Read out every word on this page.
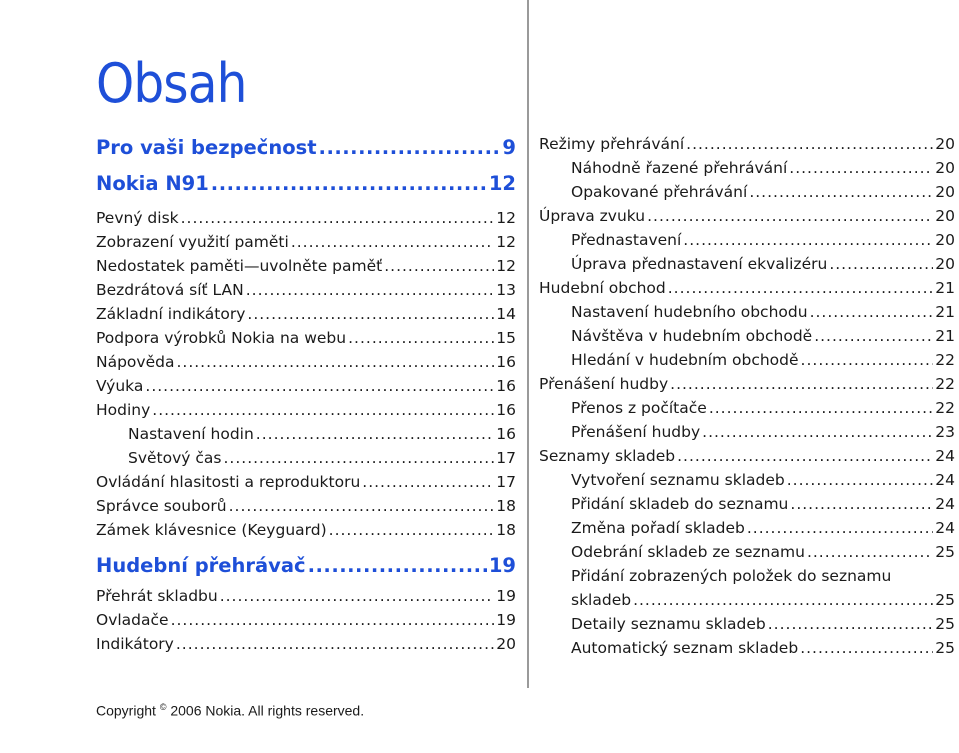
Obsah
Pro vaši bezpečnost .....	9
Nokia N91 .....	12
Pevný disk .....	12
Zobrazení využití paměti .....	12
Nedostatek paměti—uvolněte paměť .....	12
Bezdrátová síť LAN .....	13
Základní indikátory .....	14
Podpora výrobků Nokia na webu .....	15
Nápověda .....	16
Výuka .....	16
Hodiny .....	16
Nastavení hodin .....	16
Světový čas .....	17
Ovládání hlasitosti a reproduktoru .....	17
Správce souborů .....	18
Zámek klávesnice (Keyguard) .....	18
Hudební přehrávač .....	19
Přehrát skladbu .....	19
Ovladače .....	19
Indikátory .....	20
Režimy přehrávání .....	20
Náhodně řazené přehrávání .....	20
Opakované přehrávání .....	20
Úprava zvuku .....	20
Přednastavení .....	20
Úprava přednastavení ekvalizéru .....	20
Hudební obchod .....	21
Nastavení hudebního obchodu .....	21
Návštěva v hudebním obchodě .....	21
Hledání v hudebním obchodě .....	22
Přenášení hudby .....	22
Přenos z počítače .....	22
Přenášení hudby .....	23
Seznamy skladeb .....	24
Vytvoření seznamu skladeb .....	24
Přidání skladeb do seznamu .....	24
Změna pořadí skladeb .....	24
Odebrání skladeb ze seznamu .....	25
Přidání zobrazených položek do seznamu
skladeb .....	25
Detaily seznamu skladeb .....	25
Automatický seznam skladeb .....	25
Copyright © 2006 Nokia. All rights reserved.
